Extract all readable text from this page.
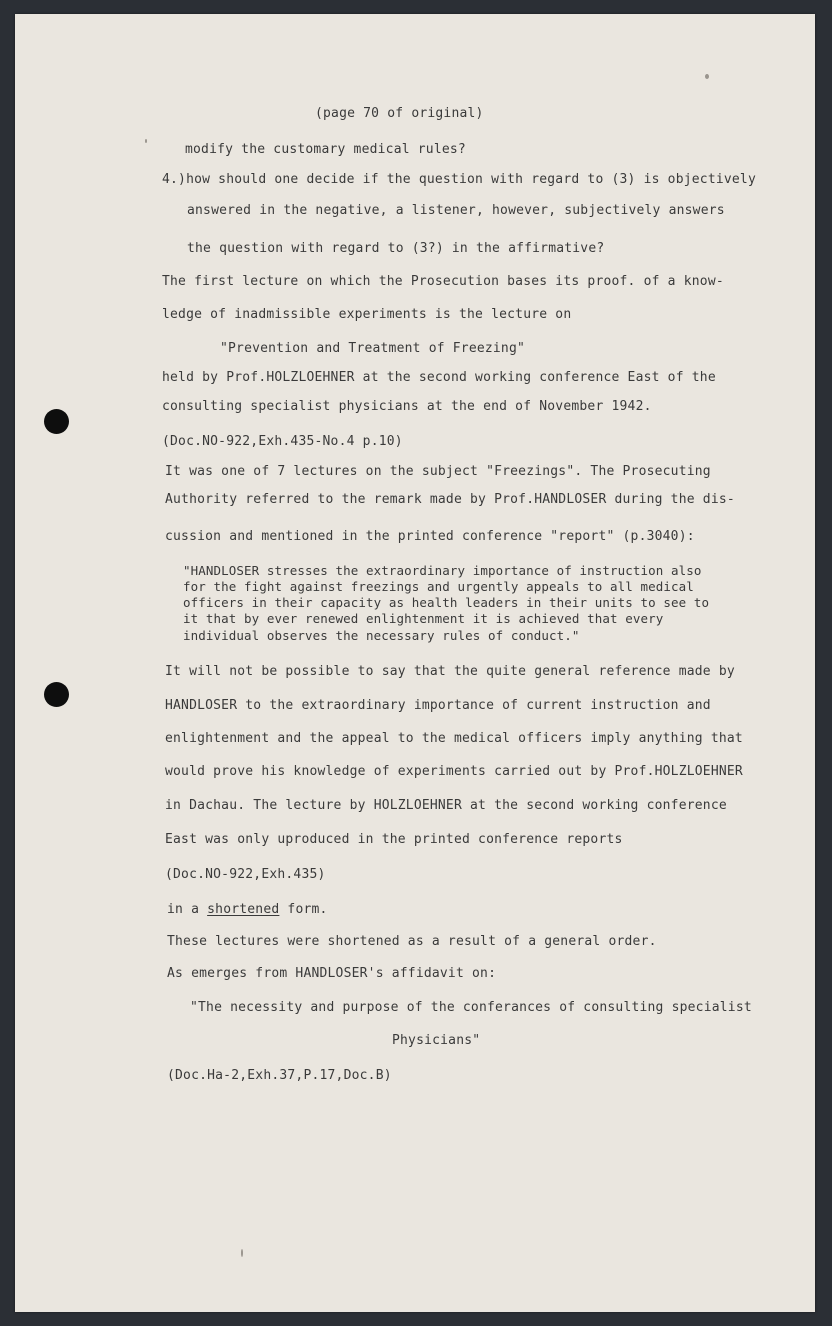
(page 70 of original)
modify the customary medical rules?
4.)how should one decide if the question with regard to (3) is objectively
answered in the negative, a listener, however, subjectively answers
the question with regard to (3?) in the affirmative?
The first lecture on which the Prosecution bases its proof. of a know-
ledge of inadmissible experiments is the lecture on
"Prevention and Treatment of Freezing"
held by Prof.HOLZLOEHNER at the second working conference East of the
consulting specialist physicians at the end of November 1942.
(Doc.NO-922,Exh.435-No.4 p.10)
It was one of 7 lectures on the subject "Freezings". The Prosecuting
Authority referred to the remark made by Prof.HANDLOSER during the dis-
cussion and mentioned in the printed conference "report" (p.3040):
"HANDLOSER stresses the extraordinary importance of instruction also
for the fight against freezings and urgently appeals to all medical
officers in their capacity as health leaders in their units to see to
it that by ever renewed enlightenment it is achieved that every
individual observes the necessary rules of conduct."
It will not be possible to say that the quite general reference made by
HANDLOSER to the extraordinary importance of current instruction and
enlightenment and the appeal to the medical officers imply anything that
would prove his knowledge of experiments carried out by Prof.HOLZLOEHNER
in Dachau. The lecture by HOLZLOEHNER at the second working conference
East was only uproduced in the printed conference reports
(Doc.NO-922,Exh.435)
in a shortened form.
These lectures were shortened as a result of a general order.
As emerges from HANDLOSER's affidavit on:
"The necessity and purpose of the conferances of consulting specialist
Physicians"
(Doc.Ha-2,Exh.37,P.17,Doc.B)
